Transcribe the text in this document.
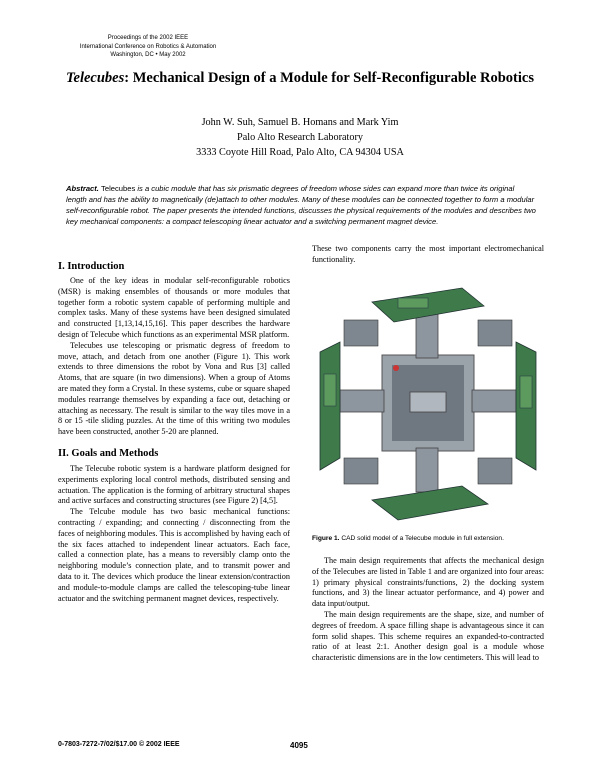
Proceedings of the 2002 IEEE
International Conference on Robotics & Automation
Washington, DC • May 2002
Telecubes: Mechanical Design of a Module for Self-Reconfigurable Robotics
John W. Suh, Samuel B. Homans and Mark Yim
Palo Alto Research Laboratory
3333 Coyote Hill Road, Palo Alto, CA 94304 USA
Abstract. Telecubes is a cubic module that has six prismatic degrees of freedom whose sides can expand more than twice its original length and has the ability to magnetically (de)attach to other modules. Many of these modules can be connected together to form a modular self-reconfigurable robot. The paper presents the intended functions, discusses the physical requirements of the modules and describes two key mechanical components: a compact telescoping linear actuator and a switching permanent magnet device.
I. Introduction

One of the key ideas in modular self-reconfigurable robotics (MSR) is making ensembles of thousands or more modules that together form a robotic system capable of performing multiple and complex tasks. Many of these systems have been designed simulated and constructed [1,13,14,15,16]. This paper describes the hardware design of Telecube which functions as an experimental MSR platform.

Telecubes use telescoping or prismatic degress of freedom to move, attach, and detach from one another (Figure 1). This work extends to three dimensions the robot by Vona and Rus [3] called Atoms, that are square (in two dimensions). When a group of Atoms are mated they form a Crystal. In these systems, cube or square shaped modules rearrange themselves by expanding a face out, detaching or attaching as necessary. The result is similar to the way tiles move in a 8 or 15 -tile sliding puzzles. At the time of this writing two modules have been constructed, another 5-20 are planned.

II. Goals and Methods

The Telecube robotic system is a hardware platform designed for experiments exploring local control methods, distributed sensing and actuation. The application is the forming of arbitrary structural shapes and active surfaces and constructing structures (see Figure 2) [4,5].

The Telcube module has two basic mechanical functions: contracting / expanding; and connecting / disconnecting from the faces of neighboring modules. This is accomplished by having each of the six faces attached to independent linear actuators. Each face, called a connection plate, has a means to reversibly clamp onto the neighboring module’s connection plate, and to transmit power and data to it. The devices which produce the linear extension/contraction and module-to-module clamps are called the telescoping-tube linear actuator and the switching permanent magnet devices, respectively.

These two components carry the most important electromechanical functionality.

Figure 1. CAD solid model of a Telecube module in full extension.

The main design requirements that affects the mechanical design of the Telecubes are listed in Table 1 and are organized into four areas: 1) primary physical constraints/functions, 2) the docking system functions, and 3) the linear actuator performance, and 4) power and data input/output.

The main design requirements are the shape, size, and number of degrees of freedom. A space filling shape is advantageous since it can form solid shapes. This scheme requires an expanded-to-contracted ratio of at least 2:1. Another design goal is a module whose characteristic dimensions are in the low centimeters. This will lead to

0-7803-7272-7/02/$17.00 © 2002 IEEE	4095
